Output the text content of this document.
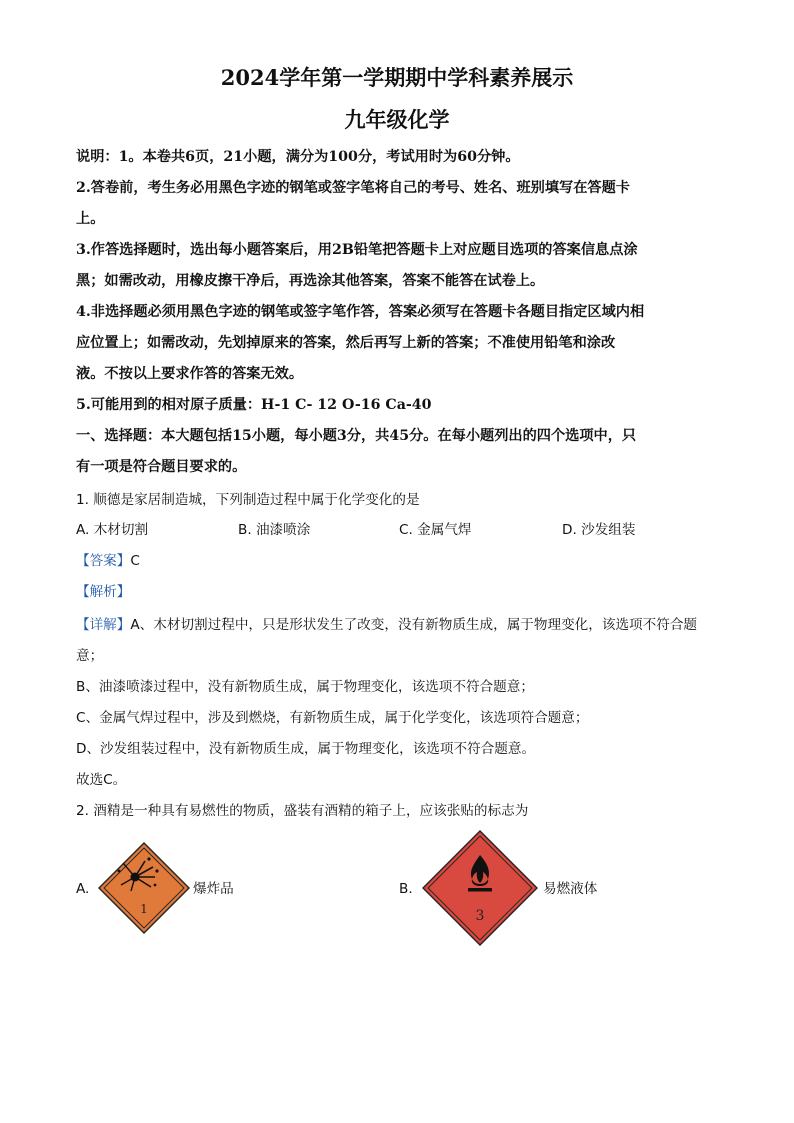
2024学年第一学期期中学科素养展示
九年级化学
说明：1。本卷共6页，21小题，满分为100分，考试用时为60分钟。
2.答卷前，考生务必用黑色字迹的钢笔或签字笔将自己的考号、姓名、班别填写在答题卡
上。
3.作答选择题时，选出每小题答案后，用2B铅笔把答题卡上对应题目选项的答案信息点涂
黑；如需改动，用橡皮擦干净后，再选涂其他答案，答案不能答在试卷上。
4.非选择题必须用黑色字迹的钢笔或签字笔作答，答案必须写在答题卡各题目指定区域内相
应位置上；如需改动，先划掉原来的答案，然后再写上新的答案；不准使用铅笔和涂改
液。不按以上要求作答的答案无效。
5.可能用到的相对原子质量：H-1 C- 12 O-16 Ca-40
一、选择题：本大题包括15小题，每小题3分，共45分。在每小题列出的四个选项中，只
有一项是符合题目要求的。
1. 顺德是家居制造城，下列制造过程中属于化学变化的是
A. 木材切割	B. 油漆喷涂	C. 金属气焊	D. 沙发组装
【答案】C
【解析】
【详解】A、木材切割过程中，只是形状发生了改变，没有新物质生成，属于物理变化，该选项不符合题
意；
B、油漆喷漆过程中，没有新物质生成，属于物理变化，该选项不符合题意；
C、金属气焊过程中，涉及到燃烧，有新物质生成，属于化学变化，该选项符合题意；
D、沙发组装过程中，没有新物质生成，属于物理变化，该选项不符合题意。
故选C。
2. 酒精是一种具有易燃性的物质，盛装有酒精的箱子上，应该张贴的标志为
A.
1
爆炸品	B.
3
易燃液体
